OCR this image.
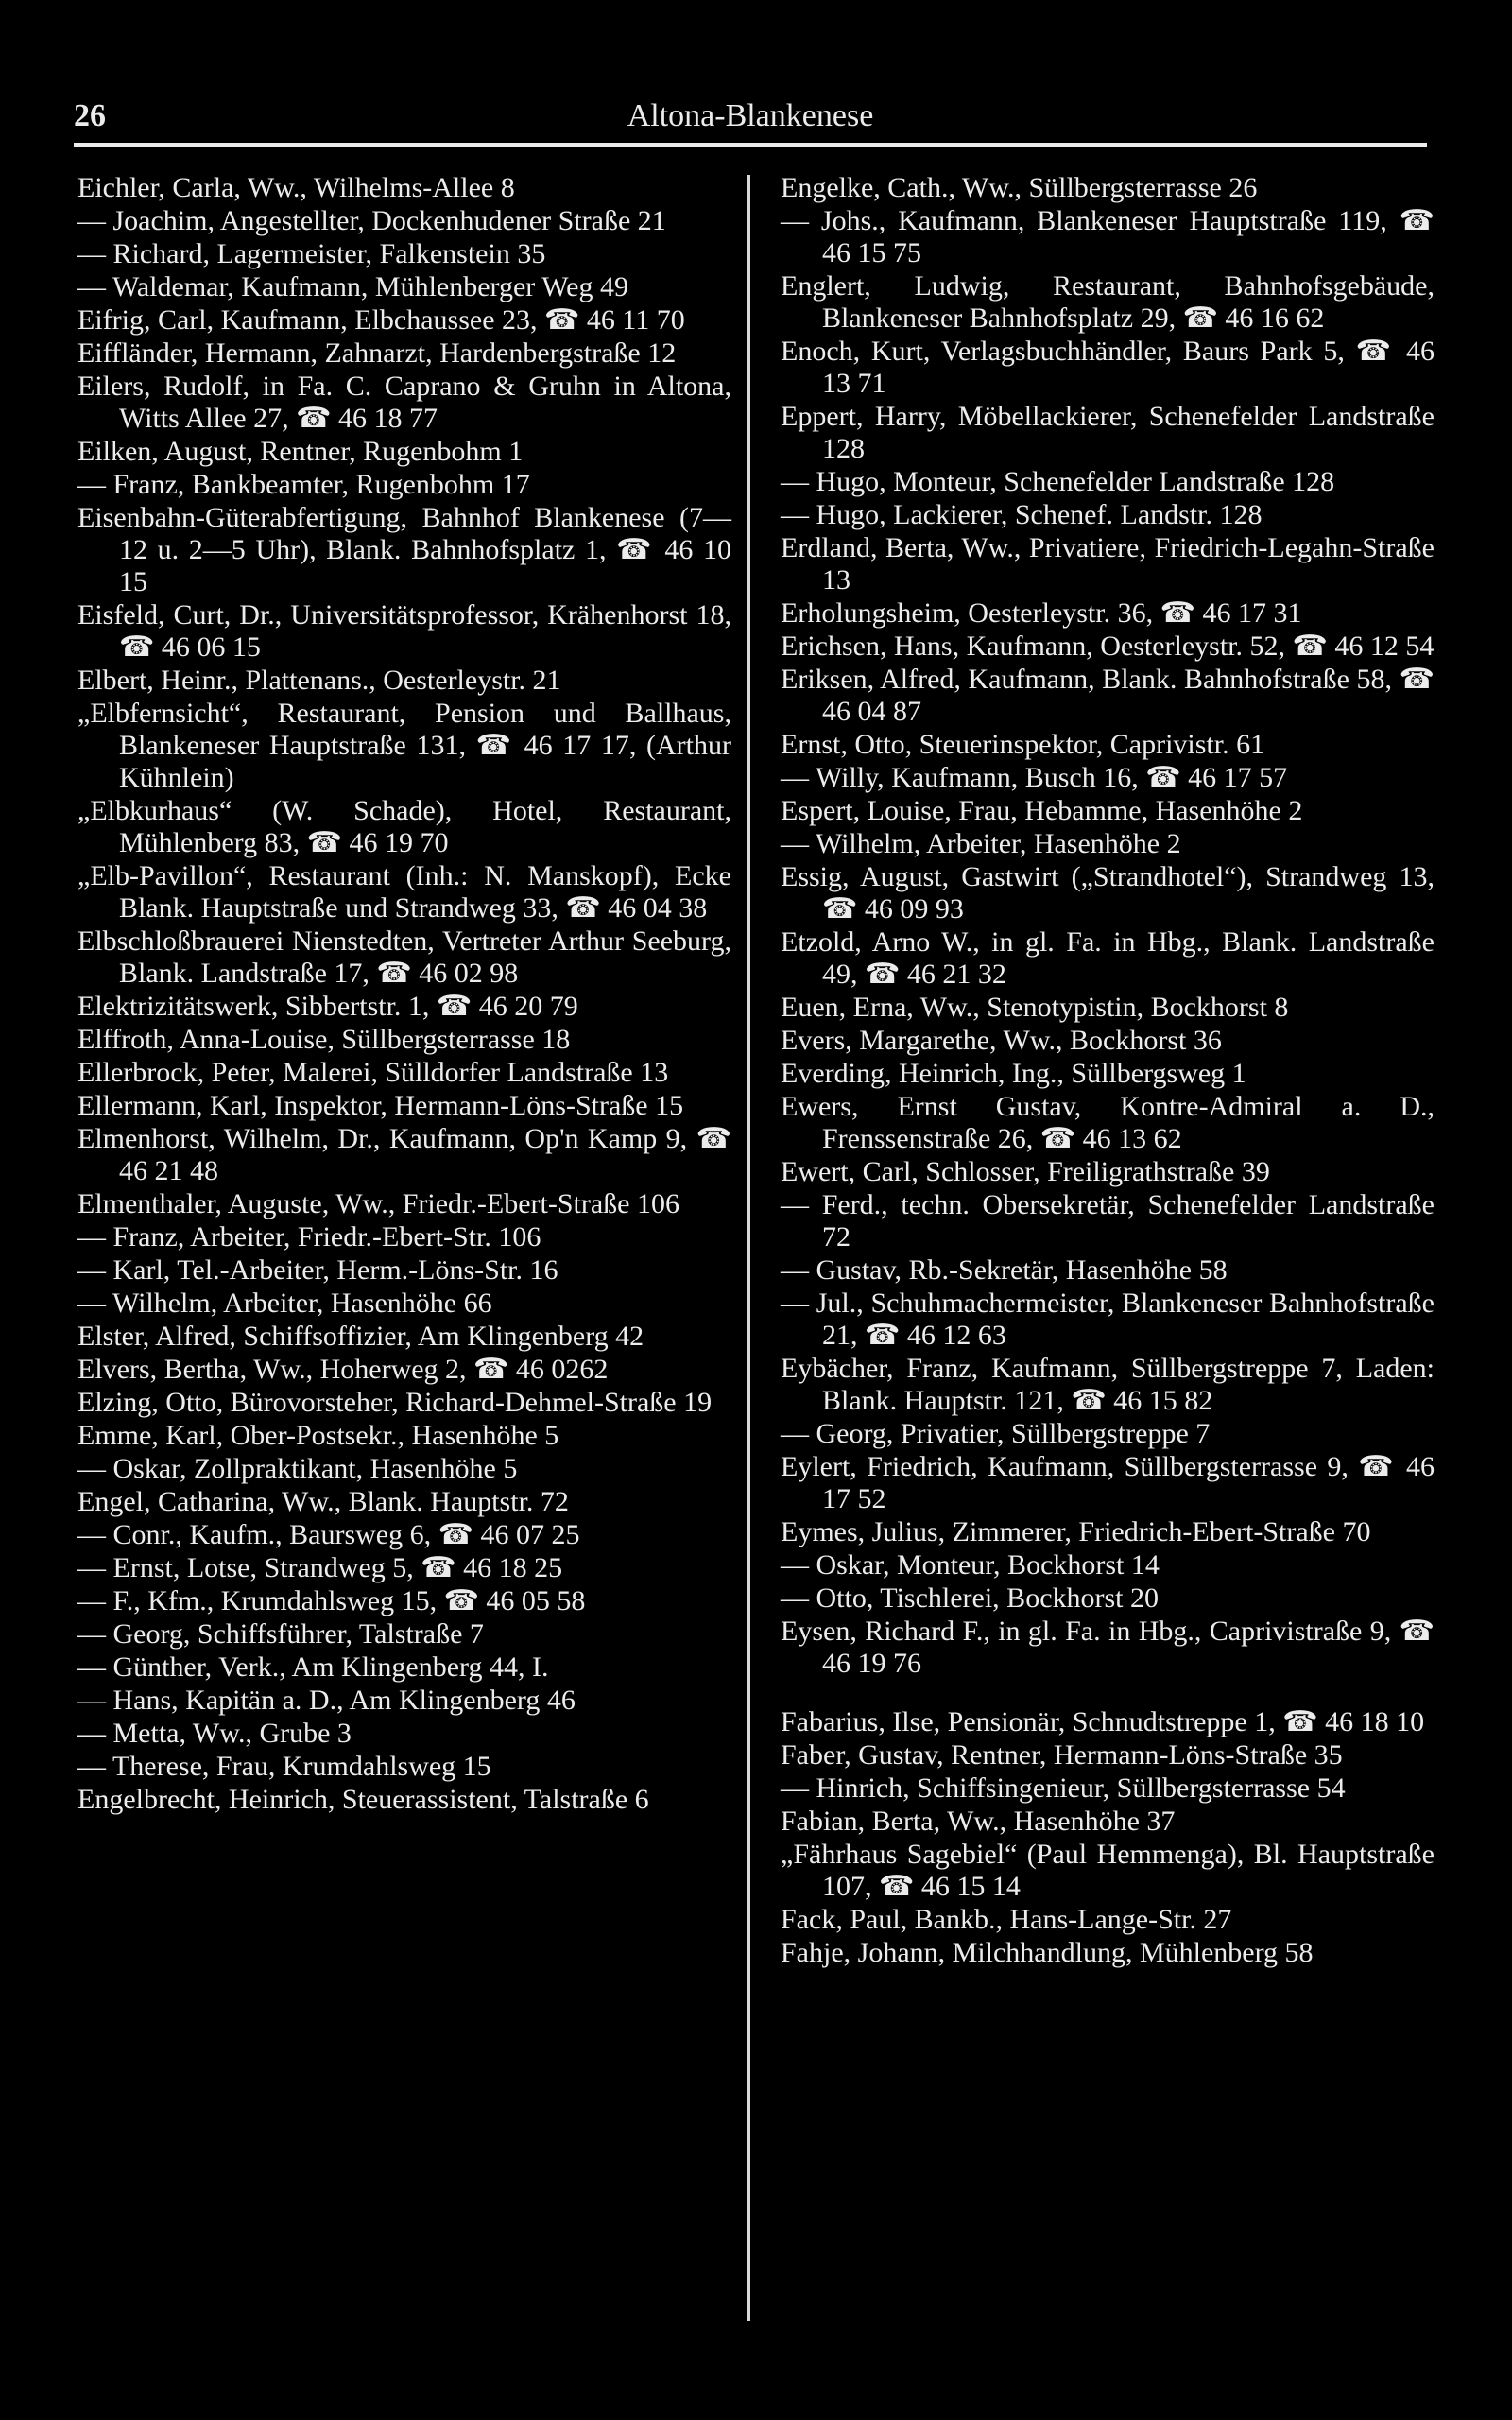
26	Altona-Blankenese
Eichler, Carla, Ww., Wilhelms-Allee 8
— Joachim, Angestellter, Dockenhudener Straße 21
— Richard, Lagermeister, Falkenstein 35
— Waldemar, Kaufmann, Mühlenberger Weg 49
Eifrig, Carl, Kaufmann, Elbchaussee 23, ☎ 46 11 70
Eiffländer, Hermann, Zahnarzt, Hardenbergstraße 12
Eilers, Rudolf, in Fa. C. Caprano & Gruhn in Altona, Witts Allee 27, ☎ 46 18 77
Eilken, August, Rentner, Rugenbohm 1
— Franz, Bankbeamter, Rugenbohm 17
Eisenbahn-Güterabfertigung, Bahnhof Blankenese (7—12 u. 2—5 Uhr), Blank. Bahnhofsplatz 1, ☎ 46 10 15
Eisfeld, Curt, Dr., Universitätsprofessor, Krähenhorst 18, ☎ 46 06 15
Elbert, Heinr., Plattenans., Oesterleystr. 21
„Elbfernsicht“, Restaurant, Pension und Ballhaus, Blankeneser Hauptstraße 131, ☎ 46 17 17, (Arthur Kühnlein)
„Elbkurhaus“ (W. Schade), Hotel, Restaurant, Mühlenberg 83, ☎ 46 19 70
„Elb-Pavillon“, Restaurant (Inh.: N. Manskopf), Ecke Blank. Hauptstraße und Strandweg 33, ☎ 46 04 38
Elbschloßbrauerei Nienstedten, Vertreter Arthur Seeburg, Blank. Landstraße 17, ☎ 46 02 98
Elektrizitätswerk, Sibbertstr. 1, ☎ 46 20 79
Elffroth, Anna-Louise, Süllbergsterrasse 18
Ellerbrock, Peter, Malerei, Sülldorfer Landstraße 13
Ellermann, Karl, Inspektor, Hermann-Löns-Straße 15
Elmenhorst, Wilhelm, Dr., Kaufmann, Op'n Kamp 9, ☎ 46 21 48
Elmenthaler, Auguste, Ww., Friedr.-Ebert-Straße 106
— Franz, Arbeiter, Friedr.-Ebert-Str. 106
— Karl, Tel.-Arbeiter, Herm.-Löns-Str. 16
— Wilhelm, Arbeiter, Hasenhöhe 66
Elster, Alfred, Schiffsoffizier, Am Klingenberg 42
Elvers, Bertha, Ww., Hoherweg 2, ☎ 46 0262
Elzing, Otto, Bürovorsteher, Richard-Dehmel-Straße 19
Emme, Karl, Ober-Postsekr., Hasenhöhe 5
— Oskar, Zollpraktikant, Hasenhöhe 5
Engel, Catharina, Ww., Blank. Hauptstr. 72
— Conr., Kaufm., Baursweg 6, ☎ 46 07 25
— Ernst, Lotse, Strandweg 5, ☎ 46 18 25
— F., Kfm., Krumdahlsweg 15, ☎ 46 05 58
— Georg, Schiffsführer, Talstraße 7
— Günther, Verk., Am Klingenberg 44, I.
— Hans, Kapitän a. D., Am Klingenberg 46
— Metta, Ww., Grube 3
— Therese, Frau, Krumdahlsweg 15
Engelbrecht, Heinrich, Steuerassistent, Talstraße 6
Engelke, Cath., Ww., Süllbergsterrasse 26
— Johs., Kaufmann, Blankeneser Hauptstraße 119, ☎ 46 15 75
Englert, Ludwig, Restaurant, Bahnhofsgebäude, Blankeneser Bahnhofsplatz 29, ☎ 46 16 62
Enoch, Kurt, Verlagsbuchhändler, Baurs Park 5, ☎ 46 13 71
Eppert, Harry, Möbellackierer, Schenefelder Landstraße 128
— Hugo, Monteur, Schenefelder Landstraße 128
— Hugo, Lackierer, Schenef. Landstr. 128
Erdland, Berta, Ww., Privatiere, Friedrich-Legahn-Straße 13
Erholungsheim, Oesterleystr. 36, ☎ 46 17 31
Erichsen, Hans, Kaufmann, Oesterleystr. 52, ☎ 46 12 54
Eriksen, Alfred, Kaufmann, Blank. Bahnhofstraße 58, ☎ 46 04 87
Ernst, Otto, Steuerinspektor, Caprivistr. 61
— Willy, Kaufmann, Busch 16, ☎ 46 17 57
Espert, Louise, Frau, Hebamme, Hasenhöhe 2
— Wilhelm, Arbeiter, Hasenhöhe 2
Essig, August, Gastwirt („Strandhotel“), Strandweg 13, ☎ 46 09 93
Etzold, Arno W., in gl. Fa. in Hbg., Blank. Landstraße 49, ☎ 46 21 32
Euen, Erna, Ww., Stenotypistin, Bockhorst 8
Evers, Margarethe, Ww., Bockhorst 36
Everding, Heinrich, Ing., Süllbergsweg 1
Ewers, Ernst Gustav, Kontre-Admiral a. D., Frenssenstraße 26, ☎ 46 13 62
Ewert, Carl, Schlosser, Freiligrathstraße 39
— Ferd., techn. Obersekretär, Schenefelder Landstraße 72
— Gustav, Rb.-Sekretär, Hasenhöhe 58
— Jul., Schuhmachermeister, Blankeneser Bahnhofstraße 21, ☎ 46 12 63
Eybächer, Franz, Kaufmann, Süllbergstreppe 7, Laden: Blank. Hauptstr. 121, ☎ 46 15 82
— Georg, Privatier, Süllbergstreppe 7
Eylert, Friedrich, Kaufmann, Süllbergsterrasse 9, ☎ 46 17 52
Eymes, Julius, Zimmerer, Friedrich-Ebert-Straße 70
— Oskar, Monteur, Bockhorst 14
— Otto, Tischlerei, Bockhorst 20
Eysen, Richard F., in gl. Fa. in Hbg., Caprivistraße 9, ☎ 46 19 76
Fabarius, Ilse, Pensionär, Schnudtstreppe 1, ☎ 46 18 10
Faber, Gustav, Rentner, Hermann-Löns-Straße 35
— Hinrich, Schiffsingenieur, Süllbergsterrasse 54
Fabian, Berta, Ww., Hasenhöhe 37
„Fährhaus Sagebiel“ (Paul Hemmenga), Bl. Hauptstraße 107, ☎ 46 15 14
Fack, Paul, Bankb., Hans-Lange-Str. 27
Fahje, Johann, Milchhandlung, Mühlenberg 58
